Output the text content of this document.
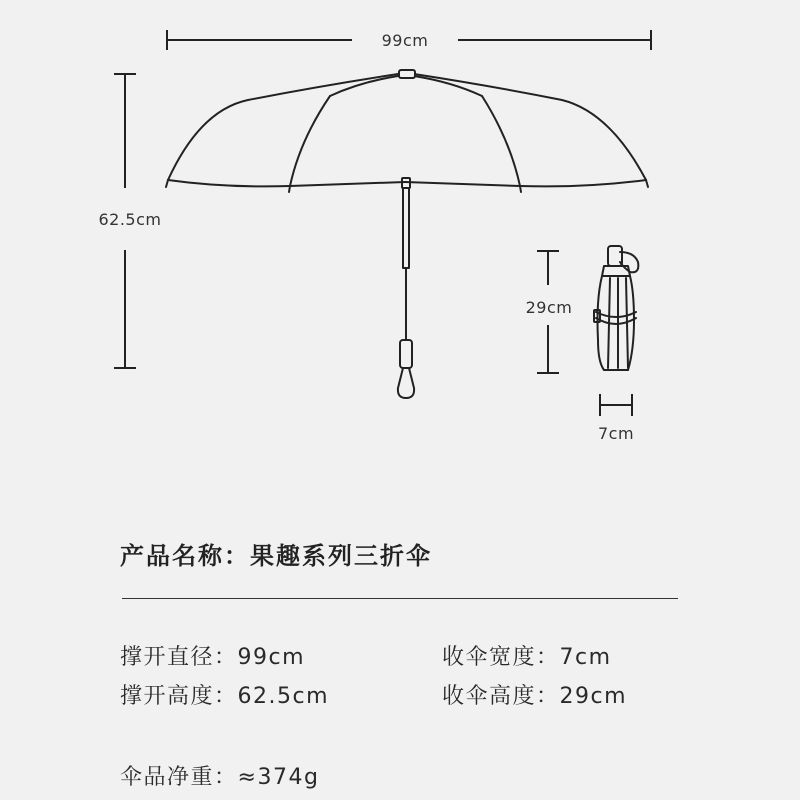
99cm
62.5cm
29cm
7cm
产品名称：果趣系列三折伞
撑开直径：99cm	收伞宽度：7cm
撑开高度：62.5cm	收伞高度：29cm
伞品净重：≈374g
